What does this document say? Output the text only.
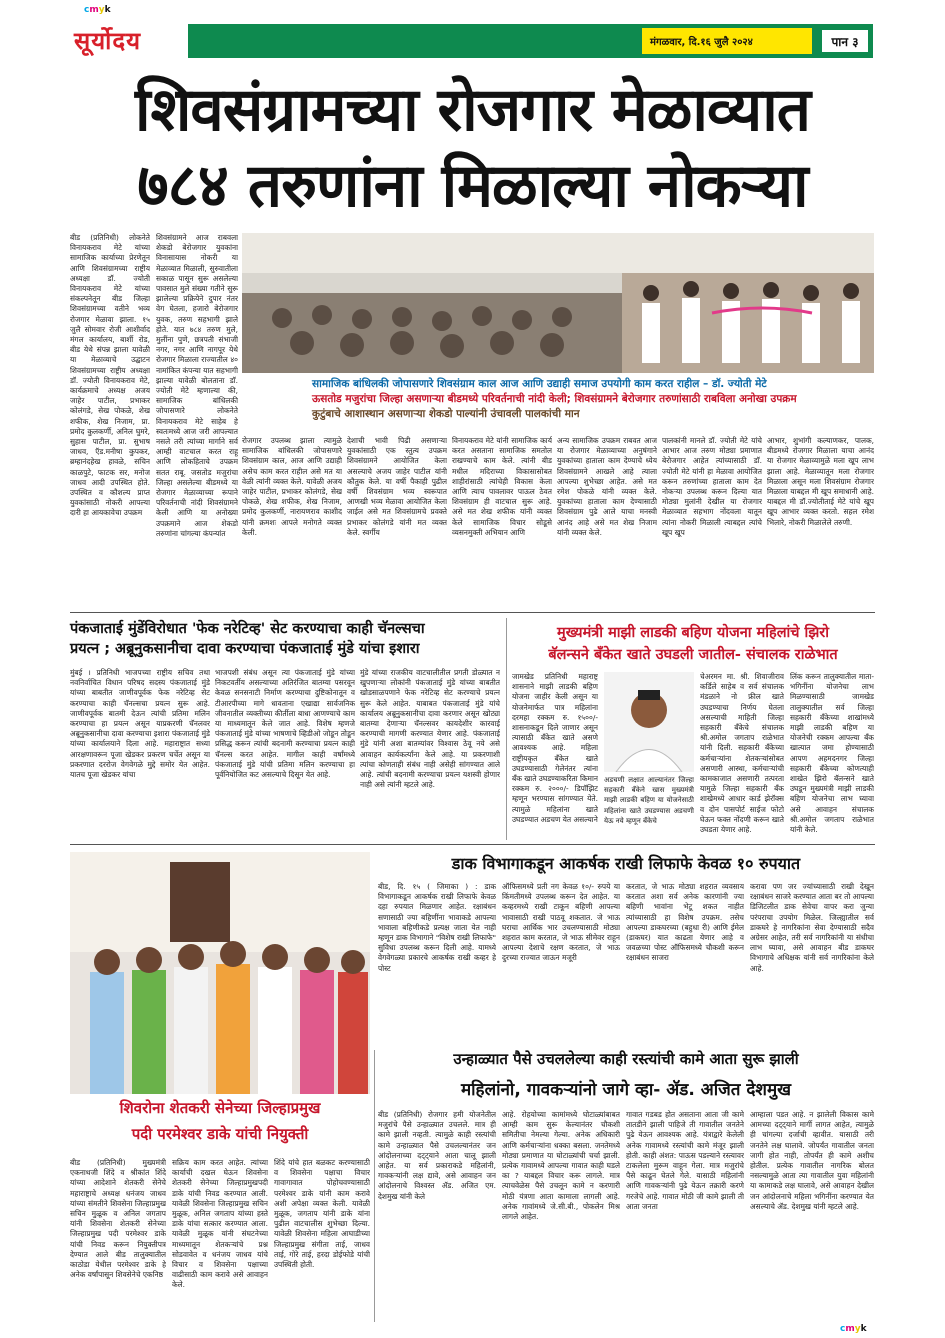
cmyk
cmyk
सूर्योदय	मंगळवार, दि.१६ जुलै २०२४	पान ३
शिवसंग्रामच्या रोजगार मेळाव्यात
७८४ तरुणांना मिळाल्या नोकऱ्या
बीड (प्रतिनिधी) लोकनेते विनायकराव मेटे यांच्या सामाजिक कार्याच्या प्रेरणेतून आणि शिवसंग्रामच्या राष्ट्रीय अध्यक्षा डॉ. ज्योती विनायकराव मेटे यांच्या संकल्पनेतून बीड जिल्हा शिवसंग्रामच्या वतीने भव्य रोजगार मेळावा झाला. १५ जुलै सोमवार रोजी आशीर्वाद मंगल कार्यालय, बार्शी रोड, बीड येथे संपन्न झाला यावेळी या मेळाव्याचे उद्घाटन शिवसंग्रामच्या राष्ट्रीय अध्यक्षा डॉ. ज्योती विनायकराव मेटे, कार्यक्रमाचे अध्यक्ष अजय जाहेर पाटील, प्रभाकर कोलंगडे, सेख पोकळे, शेख शफीक, शेख निजाम, प्रा. प्रमोद कुलकर्णी, अनिल घुमरे, सुहास पाटील, प्रा. सुभाष जाधव, ऍड.मनीषा कुपकर, ब्रम्हानंदहेख हावळे, सचिन काळपुटे, फाटक सर, मनोज जाधव आदी उपस्थित होते. उपस्थित व कौशल्य प्राप्त युवकांसाठी नोकरी आपल्या दारी हा आयकावेचा उपक्रम
शिवसंग्रामने आज राबवला शेकडो बेरोजगार युवकांना विनासायास नोकरी या मेळाव्यात मिळाली, सुरुवातीला सकाळ पासून सुरू असलेल्या पावसात मुले संख्या गतीने सुरू झालेल्या प्रक्रियेने दुपार नंतर वेग घेतला, हजारो बेरोजगार युवक, तरुण सहभागी झाले होते. यात ७८४ तरुण मुले, मुलींना पुणे, छत्रपती संभाजी नगर, नगर आणि नागपूर येथे रोजगार मिळाला राज्यातील ४० नामांकित कंपन्या यात सहभागी झाल्या यावेळी बोलताना डॉ. ज्योती मेटे म्हणाल्या की, सामाजिक बांधिलकी जोपासणारे लोकनेते विनायकराव मेटे साहेब हे स्वतःमध्ये आज जरी आपल्यात नसले तरी त्यांच्या मार्गाने सर्व आम्ही वाटचाल करत राहू आणि लोकहिताचे उपक्रम सतत राबू. जसतोड मजुरांचा जिल्हा असलेल्या बीडमध्ये या रोजगार मेळाव्याच्या रूपाने परिवर्तनाची नांदी शिवसंग्रामने केली आणि या अनोख्या उपक्रमाने आज शेकडो तरुणांना चांगल्या कंपन्यांत
सामाजिक बांधिलकी जोपासणारे शिवसंग्राम काल आज आणि उद्याही समाज उपयोगी काम करत राहील – डॉ. ज्योती मेटे
ऊसतोड मजुरांचा जिल्हा असणाऱ्या बीडमध्ये परिवर्तनाची नांदी केली; शिवसंग्रामने बेरोजगार तरुणांसाठी राबविला अनोखा उपक्रम
कुटुंबाचे आशास्थान असणाऱ्या शेकडो पाल्यांनी उंचावली पालकांची मान
रोजगार उपलब्ध झाला त्यामुळे सामाजिक बांधिलकी जोपासणारे शिवसंग्राम काल, आज आणि उद्याही असेच काम करत राहील असे मत या वेळी त्यांनी व्यक्त केले. यावेळी अजय जाहेर पाटील, प्रभाकर कोलंगडे, सेख पोकळे, शेख शफीक, शेख निजाम, प्रमोद कुलकर्णी, नारायणराव काशीद यांनी क्रमशः आपले मनोगते व्यक्त केली.
देशाची भावी पिढी असणाऱ्या युवकांसाठी एक स्तुत्य उपक्रम शिवसंग्रामने आयोजित केला असल्याचे अजय जाहेर पाटील यांनी कौतुक केले. या वर्षी पैकाही पुढील वर्षी शिवसंग्राम भव्य स्वरूपात आणखी भव्य मेळावा आयोजित केला जाईल असे मत शिवसंग्रामचे प्रवक्ते प्रभाकर कोलंगडे यांनी मत व्यक्त केले. स्वर्गीय
विनायकराव मेटे यांनी सामाजिक कार्य करत असताना सामाजिक समतोल राखण्याचे काम केले. त्यांनी बीड मधील मदिराच्या विकासासोबत शाहीरांसाठी त्यांचेही विकास केला आणि त्याच पावलावर पाऊल ठेवत शिवसंग्राम ही वाटचाल सुरू आहे. असे मत शेख शफीक यांनी व्यक्त केले सामाजिक विचार सोडूसे व्यसनमुक्ती अभियान आणि
अन्य सामाजिक उपक्रम राबवत आज या रोजगार मेळाव्याच्या अनुषंगाने युवकांच्या हाताला काम देण्याचे ध्येय शिवसंग्रामने आखले आहे त्याला आपल्या शुभेच्छा आहेत. असे मत रमेश पोकळे यांनी व्यक्त केले. युवकांच्या हाताला काम देण्यासाठी शिवसंग्राम पुढे आले याचा मनस्वी आनंद आहे असे मत शेख निजाम यांनी व्यक्त केले.
पालकांनी मानले डॉ. ज्योती मेटे यांचे आभार आज तरुण मोठ्या प्रमाणात बेरोजगार आहेत त्यांच्यासाठी डॉ. ज्योती मेटे यांनी हा मेळावा आयोजित करून तरुणांच्या हाताला काम देत नोकऱ्या उपलब्ध करून दिल्या यात मोठ्या मुलांनी देखील या रोजगार मेळाव्यात सहभाग नोंदवला यातून त्यांना नोकरी मिळाली त्याबद्दल त्यांचे खूप खूप
आभार, शुभांगी कल्याणकर, पालक, बीडमध्ये रोजगार मिळाला याचा आनंद या रोजगार मेळाव्यामुळे मला खूप लाभ झाला आहे. मेळाव्यातून मला रोजगार मिळाला असून मला शिवसंग्राम रोजगार मिळाला याबद्दल मी खूप समाधानी आहे. याबद्दल मी डॉ.ज्योतीताई मेटे यांचे खूप खूप आभार व्यक्त करतो. सहल रमेश भिलारे, नोकरी मिळालेले तरुणी.
पंकजाताई मुंडेंविरोधात 'फेक नरेटिव्ह' सेट करण्याचा काही चॅनल्सचा
प्रयत्न ; अब्रूनुकसानीचा दावा करण्याचा पंकजाताई मुंडे यांचा इशारा
मुंबई । प्रतिनिधी भाजपच्या राष्ट्रीय सचिव तथा नवनिर्वाचित विधान परिषद सदस्य पंकजाताई मुंडे यांच्या बाबतीत जाणीवपूर्वक फेक नरेटिव्ह सेट करण्याचा काही चॅनल्सचा प्रयत्न सुरू आहे. जाणीवपूर्वक बातमी देऊन त्यांची प्रतिमा मलिन करण्याचा हा प्रयत्न असून याप्रकरणी चॅनलवर अब्रूनुकसानीचा दावा करण्याचा इशारा पंकजाताई मुंडे यांच्या कार्यालयाने दिला आहे. महाराष्ट्रात सध्या आरक्षणावरून पूजा खेडकर प्रकरण चर्चेत असून या प्रकरणात दररोज वेगवेगळे मुद्दे समोर येत आहेत. यातच पूजा खेडकर यांचा
भाजपशी संबंध असून त्या पंकजाताई मुंडे यांच्या निकटवर्तीय असल्याच्या अतिरंजित बातम्या पसरवून केवळ सनसनाटी निर्माण करण्याचा दुष्टिकोनातून व टीआरपीच्या मागे धावताना एखाद्या सार्वजनिक जीवनातील व्यक्तीच्या कीर्तीला बाधा आणण्याचे काम या माध्यमातून केले जात आहे. विशेष म्हणजे पंकजाताई मुंडे यांच्या भाषणाचे व्हिडीओ जोडून तोडून प्रसिद्ध करून त्यांची बदनामी करण्याचा प्रयत्न काही चॅनल्स करत आहेत. मागील काही वर्षांमध्ये पंकजाताई मुंडे यांची प्रतिमा मलिन करण्याचा हा पूर्वनियोजित कट असल्याचे दिसून येत आहे.
मुंडे यांच्या राजकीय वाटचालीतील प्रगती डोळ्यात न खुपणाऱ्या लोकांनी पंकजाताई मुंडे यांच्या बाबतीत खोडसाळपणाने फेक नरेटिव्ह सेट करण्याचे प्रयत्न सुरू केले आहेत. याबाबत पंकजाताई मुंडे यांचे कार्यालय अब्रूनुकसानीचा दावा करणार असून खोट्या बातम्या देणाऱ्या चॅनल्सवर कायदेशीर कारवाई करण्याची मागणी करण्यात येणार आहे. पंकजाताई मुंडे यांनी अशा बातम्यांवर विश्वास ठेवू नये असे आवाहन कार्यकर्त्यांना केले आहे. या प्रकरणाशी त्यांचा कोणताही संबंध नाही असेही सांगण्यात आले आहे. त्यांची बदनामी करण्याचा प्रयत्न यशस्वी होणार नाही असे त्यांनी म्हटले आहे.
मुख्यमंत्री माझी लाडकी बहिण योजना महिलांचे झिरो
बॅलन्सने बँकेत खाते उघडली जातील- संचालक राळेभात
जामखेड प्रतिनिधी महाराष्ट्र शासनाने माझी लाडकी बहिण योजना जाहीर केली असून या योजनेमार्फत पात्र महिलांना दरमहा रक्कम रु. १५००/- शासनाकडून दिले जाणार असून त्यासाठी बँकेत खाते असणे आवश्यक आहे. महिला राष्ट्रीयकृत बँकेत खाते उघडण्यासाठी गेलेनंतर त्यांना बँक खाते उघडण्याकरिता किमान रक्कम रु. २०००/- डिपॉझिट म्हणून भरण्यास सांगण्यात येते. त्यामुळे महिलांना खाते उघडण्यात अडचण येत असल्याने
अडचणी लक्षात आल्यानंतर जिल्हा सहकारी बँकेने खास मुख्यमंत्री माझी लाडकी बहिण या योजनेसाठी महिलांना खाते उघडण्यास अडचणी येऊ नये म्हणून बँकेचे
चेअरमन मा. श्री. शिवाजीराव कर्डिले साहेब व सर्व संचालक मंडळाने नो फ्रील खाते उघडण्याचा निर्णय घेतला असल्याची माहिती जिल्हा सहकारी बँकेचे संचालक श्री.अमोल जगताप राळेभात यांनी दिली. सहकारी बँकेच्या कर्मचाऱ्यांना शेतकऱ्यांसोबत असणारी आस्था, कर्मचाऱ्यांची कामकाजात असणारी तत्परता यामुळे जिल्हा सहकारी बँक शाखेमध्ये आधार कार्ड झेरॉक्स व दोन पासपोर्ट साईज फोटो घेऊन फक्त नोंदणी करून खाते उघडता येणार आहे.
लिंक करून तालुक्यातील माता-भगिनींना योजनेचा लाभ मिळण्यासाठी जामखेड तालुक्यातील सर्व जिल्हा सहकारी बँकेच्या शाखांमध्ये माझी लाडकी बहिण या योजनेची रक्कम आपल्या बँक खात्यात जमा होण्यासाठी आपण अहमदनगर जिल्हा सहकारी बँकेच्या कोणत्याही शाखेत झिरो बॅलन्सने खाते उघडून मुख्यमंत्री माझी लाडकी बहिण योजनेचा लाभ घ्यावा असे आवाहन संचालक श्री.अमोल जगताप राळेभात यांनी केले.
डाक विभागाकडून आकर्षक राखी लिफाफे केवळ १० रुपयात
बीड, दि. १५ ( जिमाका ) : डाक विभागाकडून आकर्षक राखी लिफाफे केवळ दहा रुपयात मिळणार आहेत. रक्षाबंधन सणासाठी ज्या बहिणींना भावाकडे आपल्या भावाला बहिणीकडे प्रत्यक्ष जाता येत नाही म्हणून डाक विभागाने "विशेष राखी लिफाफे" सुविधा उपलब्ध करून दिली आहे. यामध्ये वेगवेगळ्या प्रकारचे आकर्षक राखी कव्हर हे पोस्ट
ऑफिसमध्ये प्रती नग केवळ १०/- रुपये या किंमतीमध्ये उपलब्ध करून देत आहेत. या कव्हरमध्ये राखी टाकून बहिणी आपल्या भावासाठी राखी पाठवू शकतात. जे भाऊ घराचा आर्थिक भार उचलण्यासाठी मोठ्या शहरात काम करतात, जे भाऊ सीमेवर राहून आपल्या देशाचे रक्षण करतात, जे भाऊ दुरच्या राज्यात जाऊन मजूरी
करतात, जे भाऊ मोठ्या शहरात व्यवसाय करतात अशा सर्व अनेक कारणांनी ज्या बहिणी भावांना भेटू शकत नाहीत त्यांच्यासाठी हा विशेष उपक्रम. तसेच आपल्या डाकघरच्या (बहुधा री) आणि ईमेल (डाकघर) यात काढता येणार आहे व जवळच्या पोस्ट ऑफिसमध्ये चौकशी करून रक्षाबंधन साजरा
करावा पण जर ज्यांच्यासाठी राखी देखून रक्षाबंधन साजरे करण्यात आता बर तो आपल्या डिजिटलीत डाक सेवेचा वापर करा जुन्या परंपराचा उपयोग मिळेल. जिल्ह्यातील सर्व डाकघरे हे नागरिकांना सेवा देण्यासाठी सदैव अग्रेसर आहेत, तरी सर्व नागरिकांनी या संधीचा लाभ घ्यावा, असे आवाहन बीड डाकघर विभागाचे अधिक्षक यांनी सर्व नागरिकांना केले आहे.
शिवरोना शेतकरी सेनेच्या जिल्हाप्रमुख
पदी परमेश्वर डाके यांची नियुक्ती
बीड (प्रतिनिधी) मुख्यमंत्री एकनाथजी शिंदे व श्रीकांत शिंदे यांच्या आदेशाने शेतकरी सेनेचे महाराष्ट्राचे अध्यक्ष धनंजय जाधव यांच्या संमतीने शिवसेना जिल्हाप्रमुख सचिन मुळूक व अनिल जगताप यांनी शिवसेना शेतकरी सेनेच्या जिल्हाप्रमुख पदी परमेश्वर डाके यांची निवड करून नियुक्तीपत्र देण्यात आले बीड तालुक्यातील काठोडा येथील परमेश्वर डाके हे अनेक वर्षांपासून शिवसेनेचे एकनिष्ठ
सक्रिय काम करत आहेत. त्यांच्या कार्याची दखल घेऊन शिवसेना शेतकरी सेनेच्या जिल्हाप्रमुखपदी डाके यांची निवड करण्यात आली. यावेळी शिवसेना जिल्हाप्रमुख सचिन मुळूक, अनिल जगताप यांच्या हस्ते डाके यांचा सत्कार करण्यात आला. यावेळी मुळूक यांनी संघटनेच्या माध्यमातून शेतकऱ्यांचे प्रश्न सोडवावेत व धनंजय जाधव यांचे विचार व शिवसेना पक्षाच्या वाढीसाठी काम करावे असे आवाहन केले.
शिंदे यांचे हात बळकट करण्यासाठी व शिवसेना पक्षाचा विचार गावागावात पोहोचवण्यासाठी परमेश्वर डाके यांनी काम करावे अशी अपेक्षा व्यक्त केली. यावेळी मुळूक, जगताप यांनी डाके यांना पुढील वाटचालीस शुभेच्छा दिल्या. यावेळी शिवसेना महिला आघाडीच्या जिल्हाप्रमुख संगीता ताई, जाधव ताई, गोरे ताई, हरदा डोईफोडे यांची उपस्थिती होती.
उन्हाळ्यात पैसे उचललेल्या काही रस्त्यांची कामे आता सुरू झाली
महिलांनो, गावकऱ्यांनो जागे व्हा- ॲड. अजित देशमुख
बीड (प्रतिनिधी) रोजगार हमी योजनेतील मजुरांचे पैसे उन्हाळ्यात उचलले. मात्र ही कामे झाली नव्हती. त्यामुळे काही रस्त्यांची कामे उन्हाळ्यात पैसे उचलल्यानंतर जन आंदोलनाच्या दट्ट्याने आता चालू झाली आहेत. या सर्व प्रकाराकडे महिलांनी, गावकऱ्यांनी लक्ष द्यावे, असे आवाहन जन आंदोलनाचे विश्वस्त ॲड. अजित एम. देशमुख यांनी केले
आहे. रोहयोच्या कामांमध्ये घोटाळ्यांबाबत आम्ही काम सुरू केल्यानंतर चौकशी समितीचा नेमल्या गेल्या. अनेक अधिकारी आणि कर्मचाऱ्यांना धक्का बसला. जनतेमध्ये मोठ्या प्रमाणात या घोटाळ्यांची चर्चा झाली. प्रत्येक गावामध्ये आपल्या गावात काही घडले का ? याबद्दल विचार करू लागले. मात्र त्याचवेळेस पैसे उचलून कामे न करणारी मोठी यंत्रणा आता कामाला लागली आहे. अनेक गावांमध्ये जे.सी.बी., पोकलेन मिश्र लागले आहेत.
गावात गडबड होत असताना आता जी कामे तातडीने झाली पाहिजे ती गावातील जनतेने पुढे येऊन आवश्यक आहे. यंत्राद्वारे केलेली अनेक गावामध्ये रस्त्यांची कामे मंजूर झाली होती. काही अंशत: पाऊस पडल्याने रस्त्यावर टाकलेला मुरूम वाहून गेला. मात्र मजुरांचे पैसे काढून घेतले गेले. यासाठी महिलांनी आणि गावकऱ्यांनी पुढे येऊन तक्रारी करणे गरजेचे आहे. गावात मोठी जी कामे झाली ती आता जनता
आम्हाला पडत आहे. न झालेली विकास कामे आमच्या दट्ट्याने मार्गी लागत आहेत, त्यामुळे ही चांगल्या दर्जाची व्हावीत. यासाठी तरी जनतेने लक्ष घालावे. जोपर्यंत गावातील जनता जागी होत नाही, तोपर्यंत ही कामे अशीच होतील. प्रत्येक गावातील नागरिक बोलत नसल्यामुळे आता त्या गावातील युवा महिलांनी या कामाकडे लक्ष घालावे, असे आवाहन देखील जन आंदोलनाचे महिला भगिनींना करण्यात येत असल्याचे ॲड. देशमुख यांनी म्हटले आहे.
